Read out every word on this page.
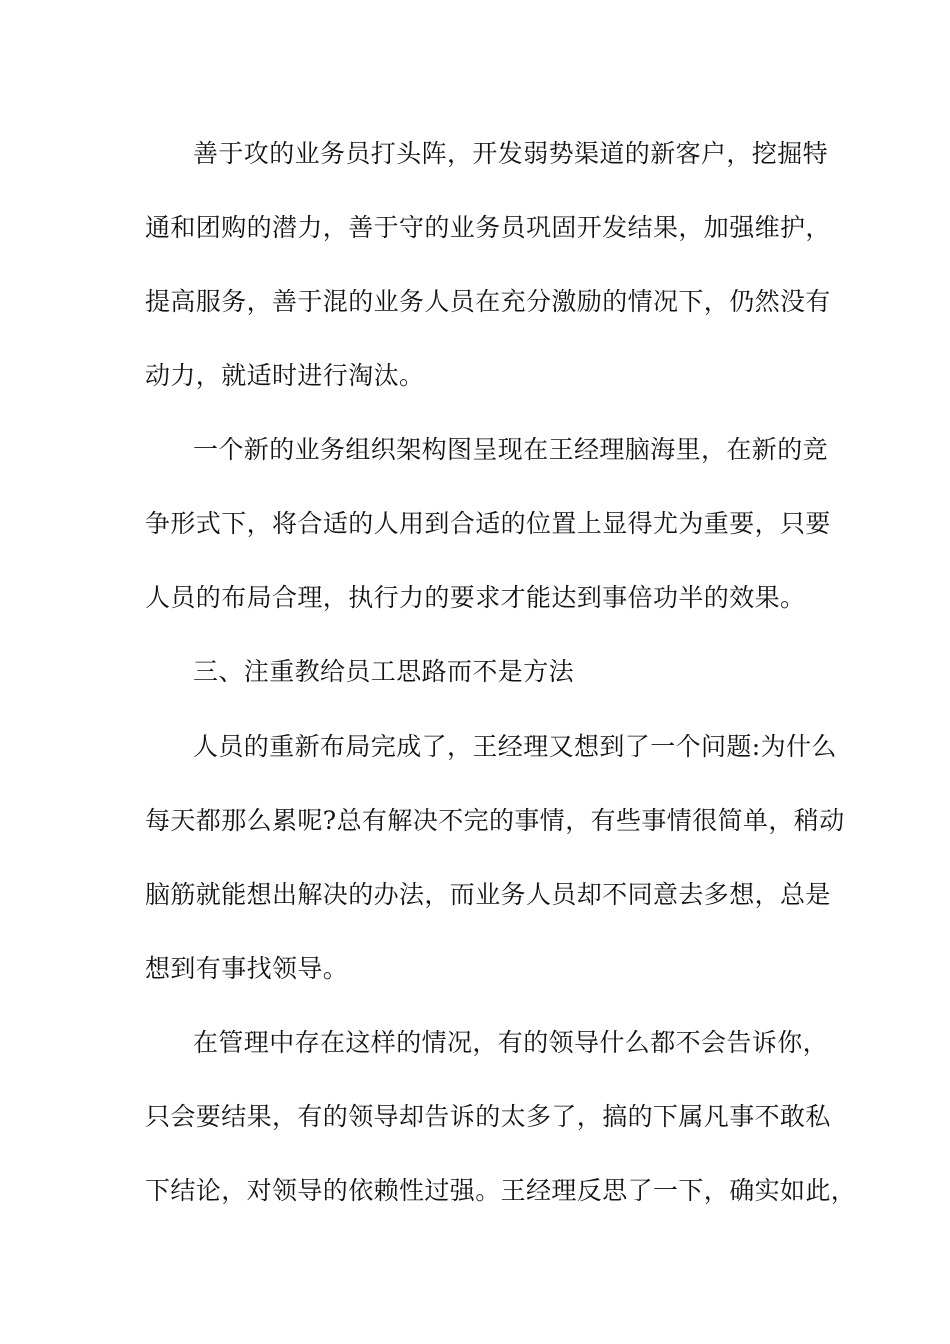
善于攻的业务员打头阵，开发弱势渠道的新客户，挖掘特
通和团购的潜力，善于守的业务员巩固开发结果，加强维护，
提高服务，善于混的业务人员在充分激励的情况下，仍然没有
动力，就适时进行淘汰。
一个新的业务组织架构图呈现在王经理脑海里，在新的竞
争形式下，将合适的人用到合适的位置上显得尤为重要，只要
人员的布局合理，执行力的要求才能达到事倍功半的效果。
三、注重教给员工思路而不是方法
人员的重新布局完成了，王经理又想到了一个问题:为什么
每天都那么累呢?总有解决不完的事情，有些事情很简单，稍动
脑筋就能想出解决的办法，而业务人员却不同意去多想，总是
想到有事找领导。
在管理中存在这样的情况，有的领导什么都不会告诉你，
只会要结果，有的领导却告诉的太多了，搞的下属凡事不敢私
下结论，对领导的依赖性过强。王经理反思了一下，确实如此，
